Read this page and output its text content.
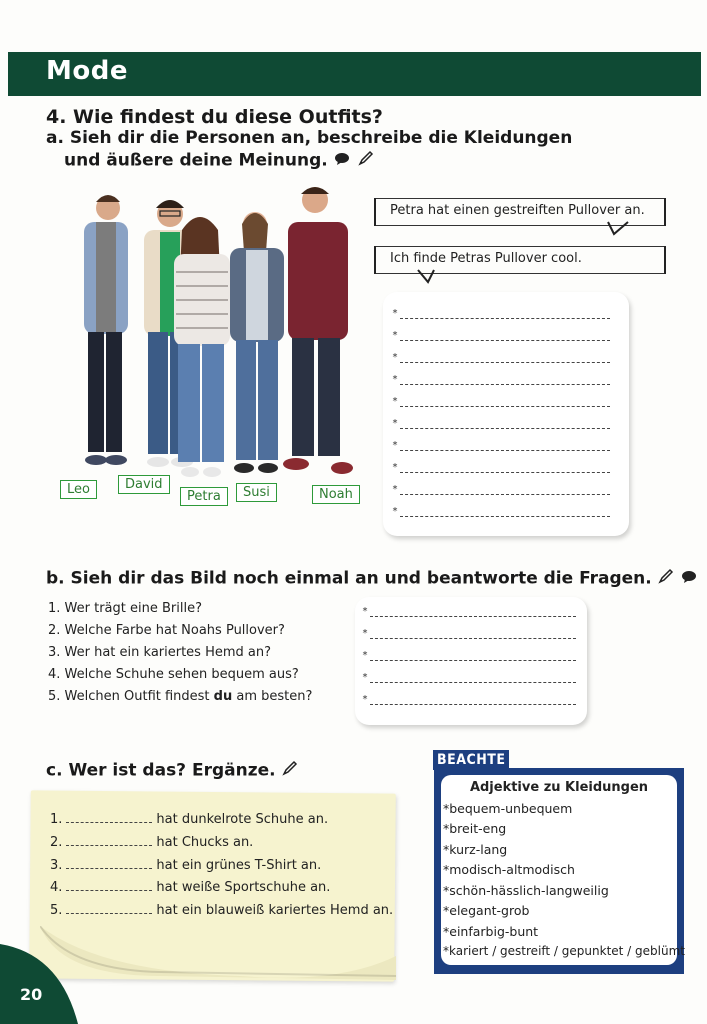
Mode
4. Wie findest du diese Outfits?
a. Sieh dir die Personen an, beschreibe die Kleidungen
und äußere deine Meinung.
Leo	David
Petra	Susi	Noah
Petra hat einen gestreiften Pullover an.
Ich finde Petras Pullover cool.
*
*
*
*
*
*
*
*
*
*
b. Sieh dir das Bild noch einmal an und beantworte die Fragen.
1. Wer trägt eine Brille?
2. Welche Farbe hat Noahs Pullover?
3. Wer hat ein kariertes Hemd an?
4. Welche Schuhe sehen bequem aus?
5. Welchen Outfit findest du am besten?
*
*
*
*
*
c. Wer ist das? Ergänze.
1.	hat dunkelrote Schuhe an.
2.	hat Chucks an.
3.	hat ein grünes T-Shirt an.
4.	hat weiße Sportschuhe an.
5.	hat ein blauweiß kariertes Hemd an.
BEACHTE
Adjektive zu Kleidungen
*bequem-unbequem
*breit-eng
*kurz-lang
*modisch-altmodisch
*schön-hässlich-langweilig
*elegant-grob
*einfarbig-bunt
*kariert / gestreift / gepunktet / geblümt
20
